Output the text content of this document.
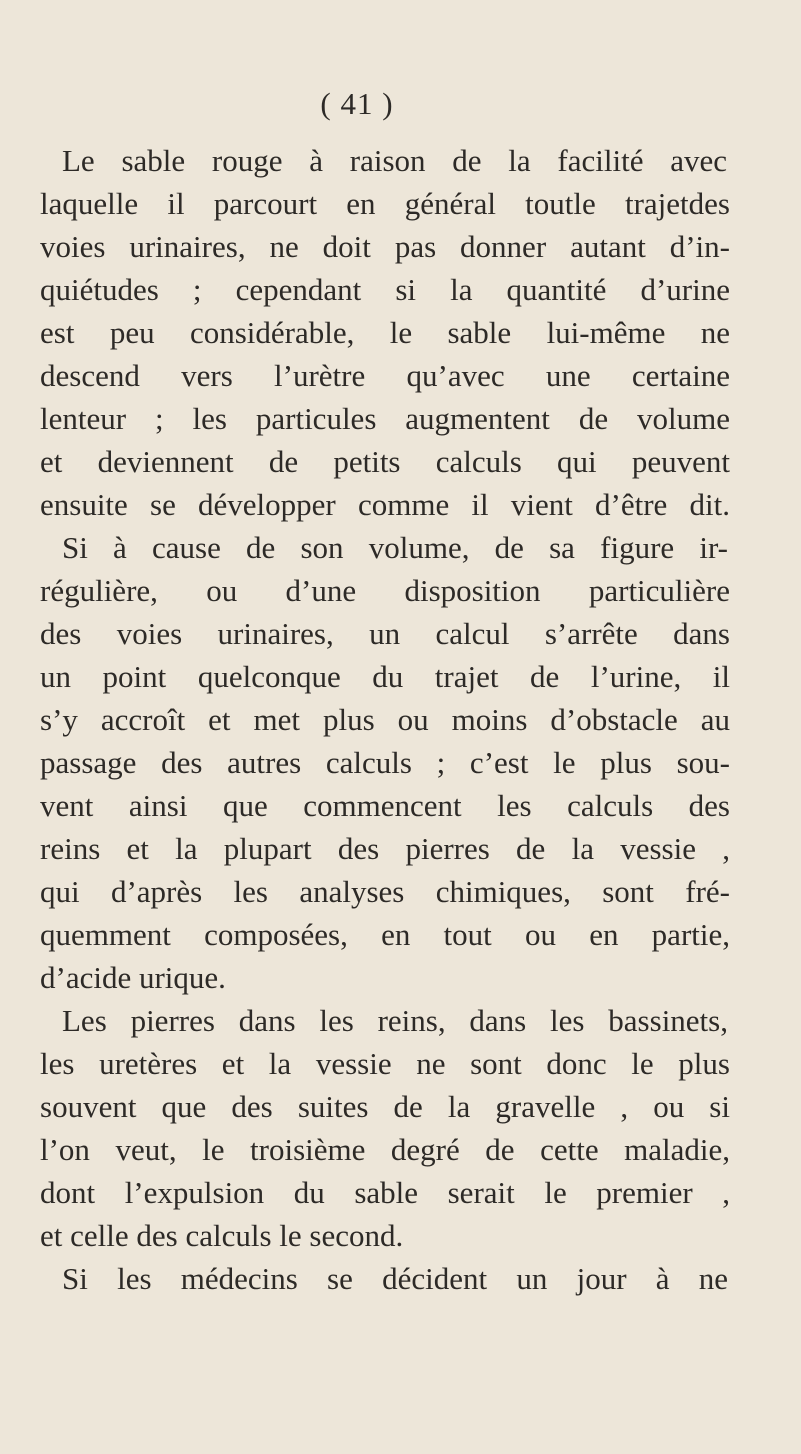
( 41 )
Le sable rouge à raison de la facilité avec
laquelle il parcourt en général toutle trajetdes
voies urinaires, ne doit pas donner autant d’in-
quiétudes ; cependant si la quantité d’urine
est peu considérable, le sable lui-même ne
descend vers l’urètre qu’avec une certaine
lenteur ; les particules augmentent de volume
et deviennent de petits calculs qui peuvent
ensuite se développer comme il vient d’être dit.
Si à cause de son volume, de sa figure ir-
régulière, ou d’une disposition particulière
des voies urinaires, un calcul s’arrête dans
un point quelconque du trajet de l’urine, il
s’y accroît et met plus ou moins d’obstacle au
passage des autres calculs ; c’est le plus sou-
vent ainsi que commencent les calculs des
reins et la plupart des pierres de la vessie ,
qui d’après les analyses chimiques, sont fré-
quemment composées, en tout ou en partie,
d’acide urique.
Les pierres dans les reins, dans les bassinets,
les uretères et la vessie ne sont donc le plus
souvent que des suites de la gravelle , ou si
l’on veut, le troisième degré de cette maladie,
dont l’expulsion du sable serait le premier ,
et celle des calculs le second.
Si les médecins se décident un jour à ne
